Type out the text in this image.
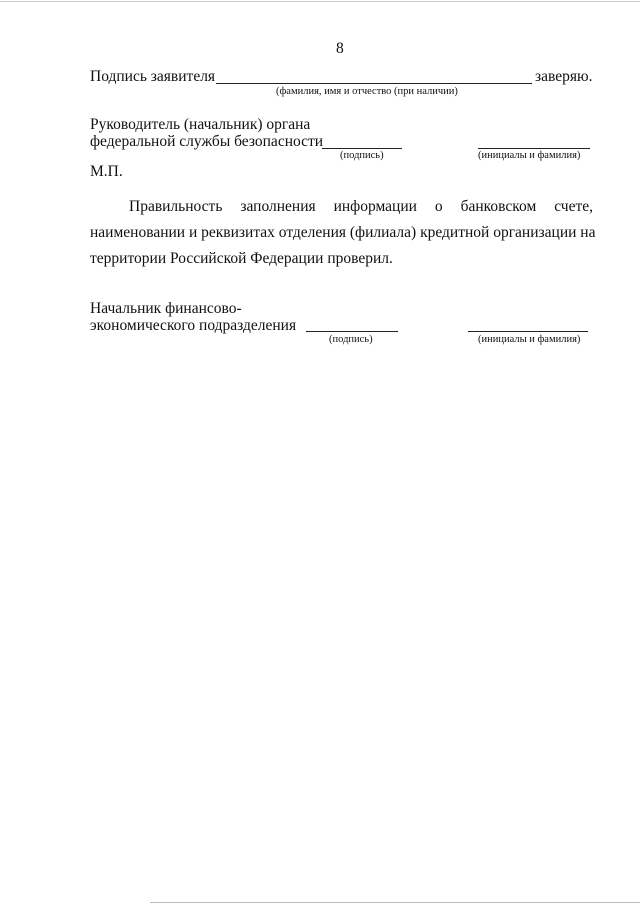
8
Подпись заявителя	заверяю.
(фамилия, имя и отчество (при наличии)
Руководитель (начальник) органа
федеральной службы безопасности
(подпись)	(инициалы и фамилия)
М.П.
Правильность заполнения информации о банковском счете,
наименовании и реквизитах отделения (филиала) кредитной организации на
территории Российской Федерации проверил.
Начальник финансово-
экономического подразделения
(подпись)	(инициалы и фамилия)
